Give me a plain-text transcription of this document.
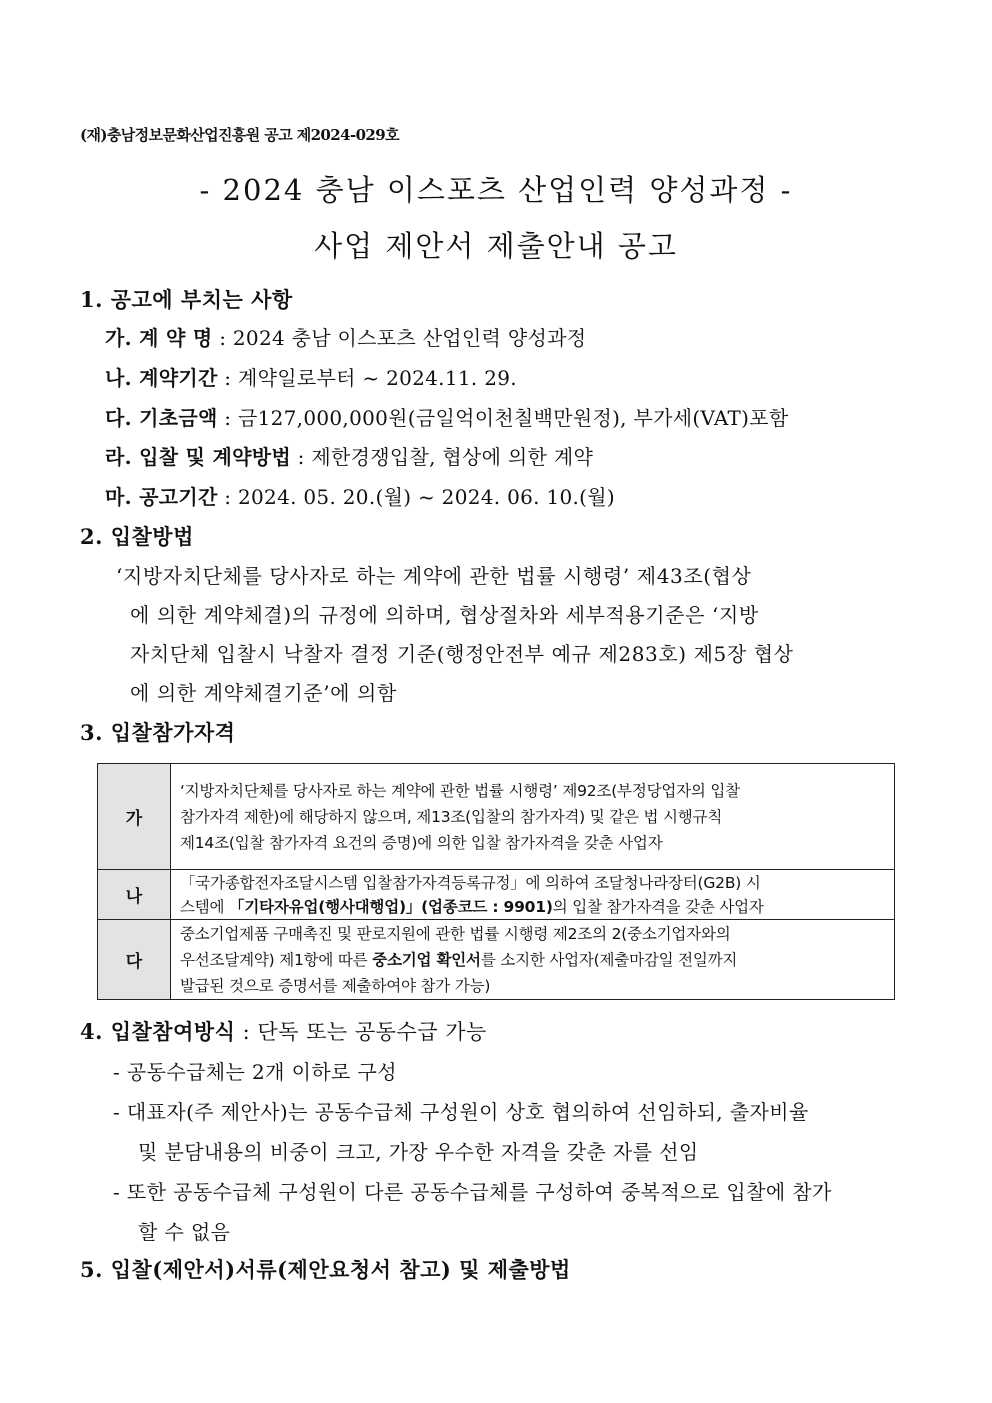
(재)충남정보문화산업진흥원 공고 제2024-029호
- 2024 충남 이스포츠 산업인력 양성과정 -
사업 제안서 제출안내 공고
1. 공고에 부치는 사항
가. 계 약 명 : 2024 충남 이스포츠 산업인력 양성과정
나. 계약기간 : 계약일로부터 ~ 2024.11. 29.
다. 기초금액 : 금127,000,000원(금일억이천칠백만원정), 부가세(VAT)포함
라. 입찰 및 계약방법 : 제한경쟁입찰, 협상에 의한 계약
마. 공고기간 : 2024. 05. 20.(월) ~ 2024. 06. 10.(월)
2. 입찰방법
‘지방자치단체를 당사자로 하는 계약에 관한 법률 시행령’ 제43조(협상
에 의한 계약체결)의 규정에 의하며, 협상절차와 세부적용기준은 ‘지방
자치단체 입찰시 낙찰자 결정 기준(행정안전부 예규 제283호) 제5장 협상
에 의한 계약체결기준’에 의함
3. 입찰참가자격
가	‘지방자치단체를 당사자로 하는 계약에 관한 법률 시행령’ 제92조(부정당업자의 입찰
참가자격 제한)에 해당하지 않으며, 제13조(입찰의 참가자격) 및 같은 법 시행규칙
제14조(입찰 참가자격 요건의 증명)에 의한 입찰 참가자격을 갖춘 사업자

나	「국가종합전자조달시스템 입찰참가자격등록규정」에 의하여 조달청나라장터(G2B) 시
스템에 「기타자유업(행사대행업)」(업종코드 : 9901)의 입찰 참가자격을 갖춘 사업자

다	중소기업제품 구매촉진 및 판로지원에 관한 법률 시행령 제2조의 2(중소기업자와의
우선조달계약) 제1항에 따른 중소기업 확인서를 소지한 사업자(제출마감일 전일까지
발급된 것으로 증명서를 제출하여야 참가 가능)
4. 입찰참여방식 : 단독 또는 공동수급 가능
- 공동수급체는 2개 이하로 구성
- 대표자(주 제안사)는 공동수급체 구성원이 상호 협의하여 선임하되, 출자비율
및 분담내용의 비중이 크고, 가장 우수한 자격을 갖춘 자를 선임
- 또한 공동수급체 구성원이 다른 공동수급체를 구성하여 중복적으로 입찰에 참가
할 수 없음
5. 입찰(제안서)서류(제안요청서 참고) 및 제출방법
